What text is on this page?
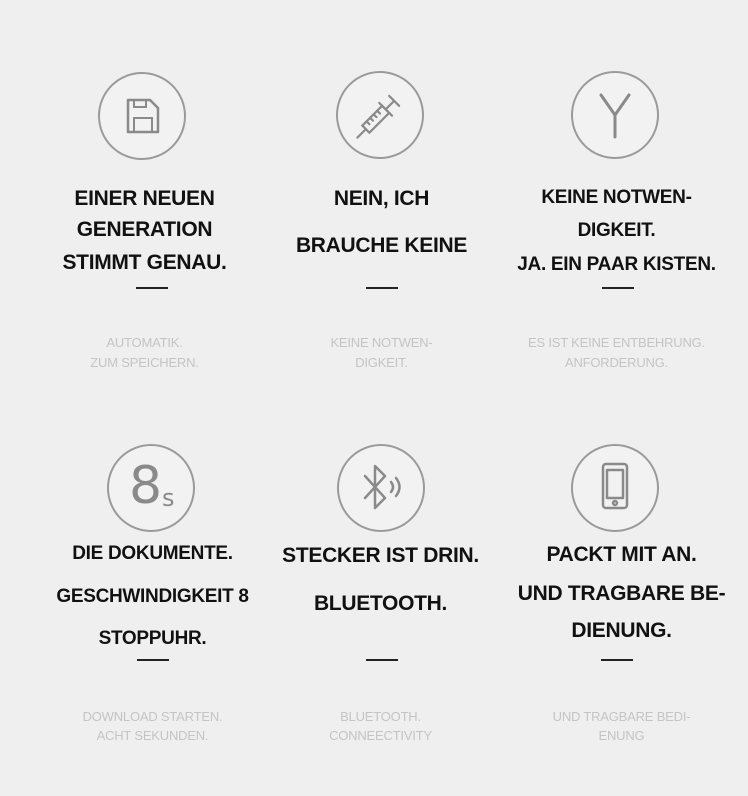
EINER NEUEN
GENERATION
STIMMT GENAU.
AUTOMATIK.
ZUM SPEICHERN.
NEIN, ICH
BRAUCHE KEINE
KEINE NOTWEN-
DIGKEIT.
KEINE NOTWEN-
DIGKEIT.
JA. EIN PAAR KISTEN.
ES IST KEINE ENTBEHRUNG.
ANFORDERUNG.
8 s
DIE DOKUMENTE.
GESCHWINDIGKEIT 8
STOPPUHR.
DOWNLOAD STARTEN.
ACHT SEKUNDEN.
STECKER IST DRIN.
BLUETOOTH.
BLUETOOTH.
CONNEECTIVITY
PACKT MIT AN.
UND TRAGBARE BE-
DIENUNG.
UND TRAGBARE BEDI-
ENUNG
